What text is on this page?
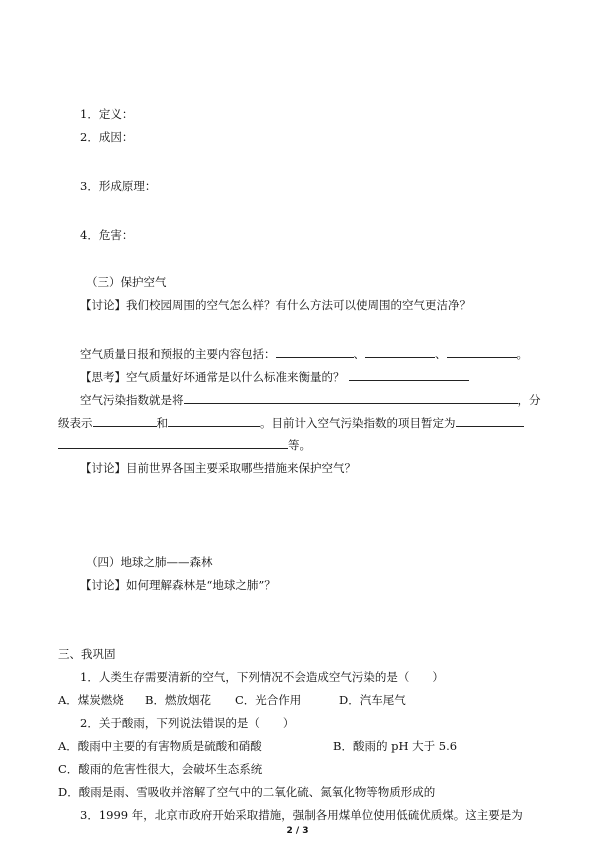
1．定义：
2．成因：
3．形成原理：
4．危害：
（三）保护空气
【讨论】我们校园周围的空气怎么样？有什么方法可以使周围的空气更洁净？
空气质量日报和预报的主要内容包括：	、	、	。
【思考】空气质量好坏通常是以什么标准来衡量的？
空气污染指数就是将	，分
级表示	和	。目前计入空气污染指数的项目暂定为
等。
【讨论】目前世界各国主要采取哪些措施来保护空气？
（四）地球之肺——森林
【讨论】如何理解森林是“地球之肺”？
三、我巩固
1．人类生存需要清新的空气，下列情况不会造成空气污染的是（　　）
A．煤炭燃烧 B．燃放烟花 C．光合作用	D．汽车尾气
2．关于酸雨，下列说法错误的是（　　）
A．酸雨中主要的有害物质是硫酸和硝酸	B．酸雨的 pH 大于 5.6
C．酸雨的危害性很大，会破坏生态系统
D．酸雨是雨、雪吸收并溶解了空气中的二氧化硫、氮氧化物等物质形成的
3．1999 年，北京市政府开始采取措施，强制各用煤单位使用低硫优质煤。这主要是为
2 / 3
